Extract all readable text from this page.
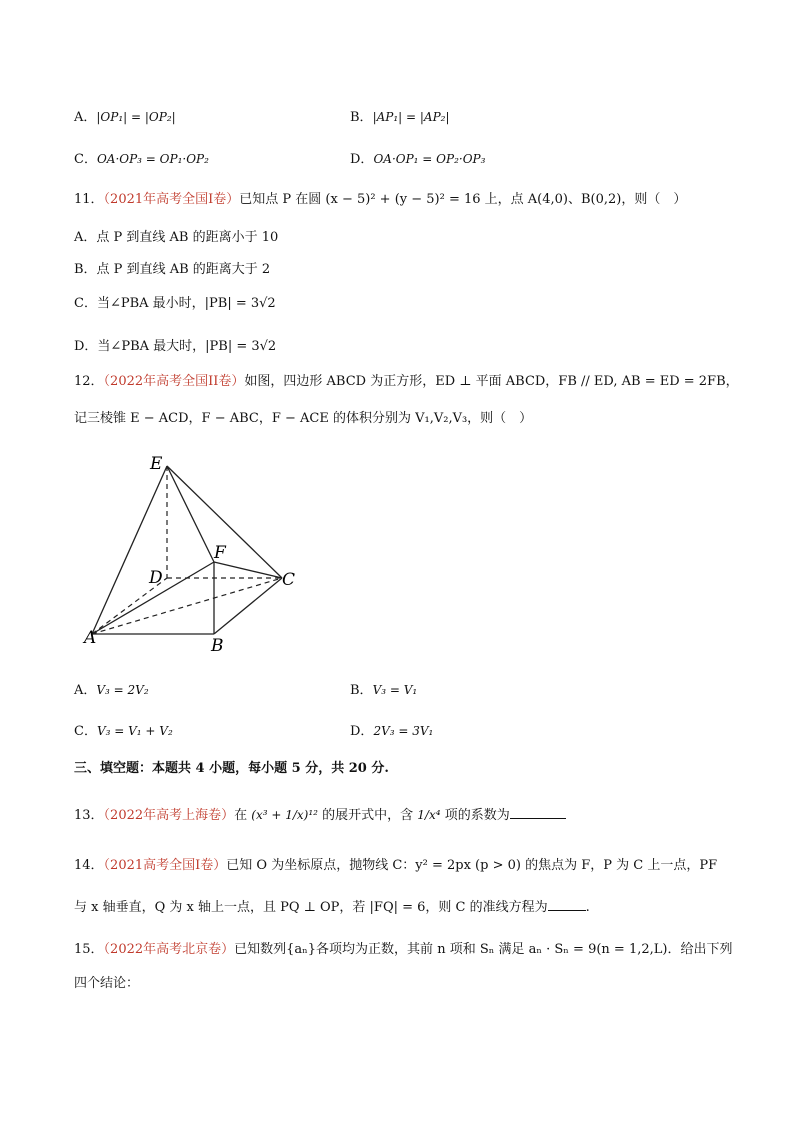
A．|OP₁| = |OP₂|	B．|AP₁| = |AP₂|
C．OA·OP₃ = OP₁·OP₂	D．OA·OP₁ = OP₂·OP₃
11．（2021年高考全国I卷）已知点 P 在圆 (x − 5)² + (y − 5)² = 16 上，点 A(4,0)、B(0,2)，则（　）
A．点 P 到直线 AB 的距离小于 10
B．点 P 到直线 AB 的距离大于 2
C．当∠PBA 最小时，|PB| = 3√2
D．当∠PBA 最大时，|PB| = 3√2
12．（2022年高考全国II卷）如图，四边形 ABCD 为正方形，ED ⊥ 平面 ABCD，FB // ED, AB = ED = 2FB，
记三棱锥 E − ACD，F − ABC，F − ACE 的体积分别为 V₁,V₂,V₃，则（　）
E
F
D	C
A	B
A．V₃ = 2V₂	B．V₃ = V₁
C．V₃ = V₁ + V₂	D．2V₃ = 3V₁
三、填空题：本题共 4 小题，每小题 5 分，共 20 分.
13．（2022年高考上海卷）在 (x³ + 1/x)¹² 的展开式中，含 1/x⁴ 项的系数为
14．（2021高考全国I卷）已知 O 为坐标原点，抛物线 C：y² = 2px (p > 0) 的焦点为 F，P 为 C 上一点，PF
与 x 轴垂直，Q 为 x 轴上一点，且 PQ ⊥ OP，若 |FQ| = 6，则 C 的准线方程为	.
15．（2022年高考北京卷）已知数列{aₙ}各项均为正数，其前 n 项和 Sₙ 满足 aₙ · Sₙ = 9(n = 1,2,L)．给出下列
四个结论：
